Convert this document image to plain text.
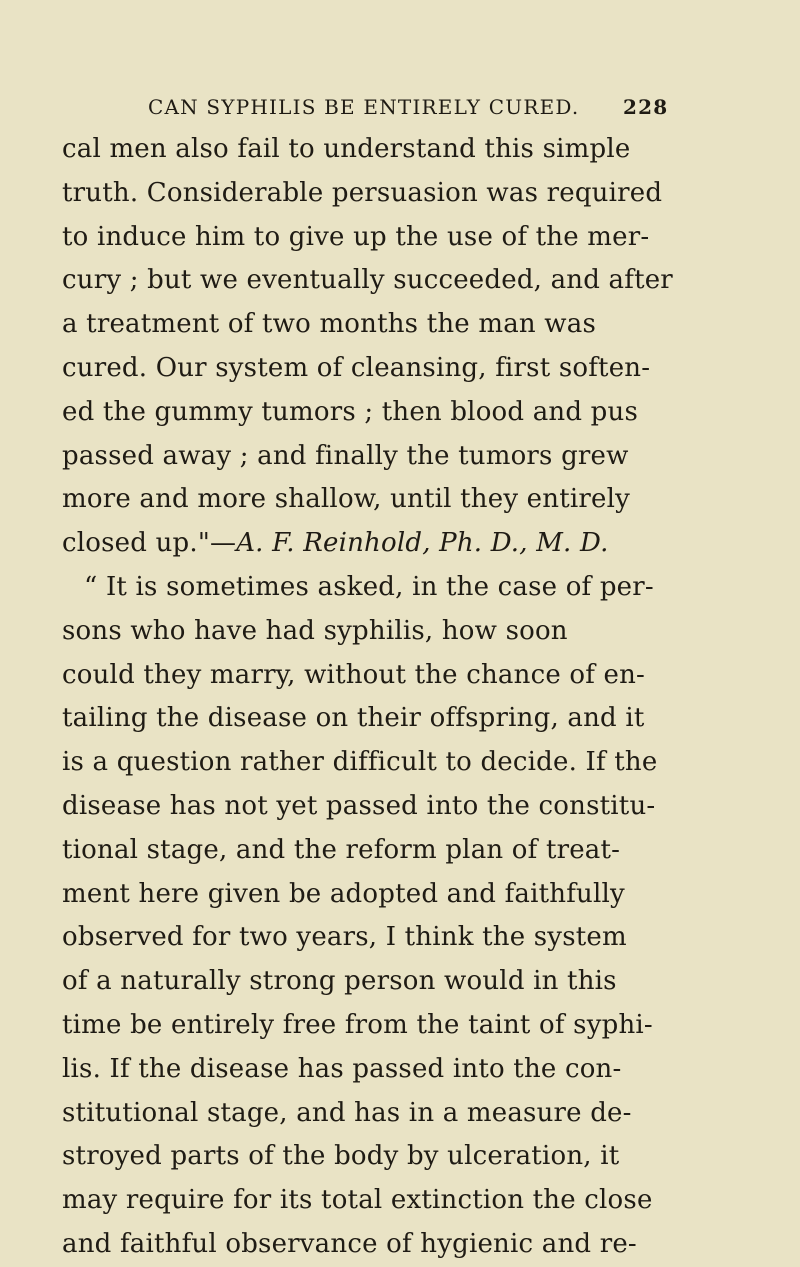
CAN SYPHILIS BE ENTIRELY CURED. 228
cal men also fail to understand this simple
truth. Considerable persuasion was required
to induce him to give up the use of the mer-
cury ; but we eventually succeeded, and after
a treatment of two months the man was
cured. Our system of cleansing, first soften-
ed the gummy tumors ; then blood and pus
passed away ; and finally the tumors grew
more and more shallow, until they entirely
closed up."—A. F. Reinhold, Ph. D., M. D.
“ It is sometimes asked, in the case of per-
sons who have had syphilis, how soon
could they marry, without the chance of en-
tailing the disease on their offspring, and it
is a question rather difficult to decide. If the
disease has not yet passed into the constitu-
tional stage, and the reform plan of treat-
ment here given be adopted and faithfully
observed for two years, I think the system
of a naturally strong person would in this
time be entirely free from the taint of syphi-
lis. If the disease has passed into the con-
stitutional stage, and has in a measure de-
stroyed parts of the body by ulceration, it
may require for its total extinction the close
and faithful observance of hygienic and re-
